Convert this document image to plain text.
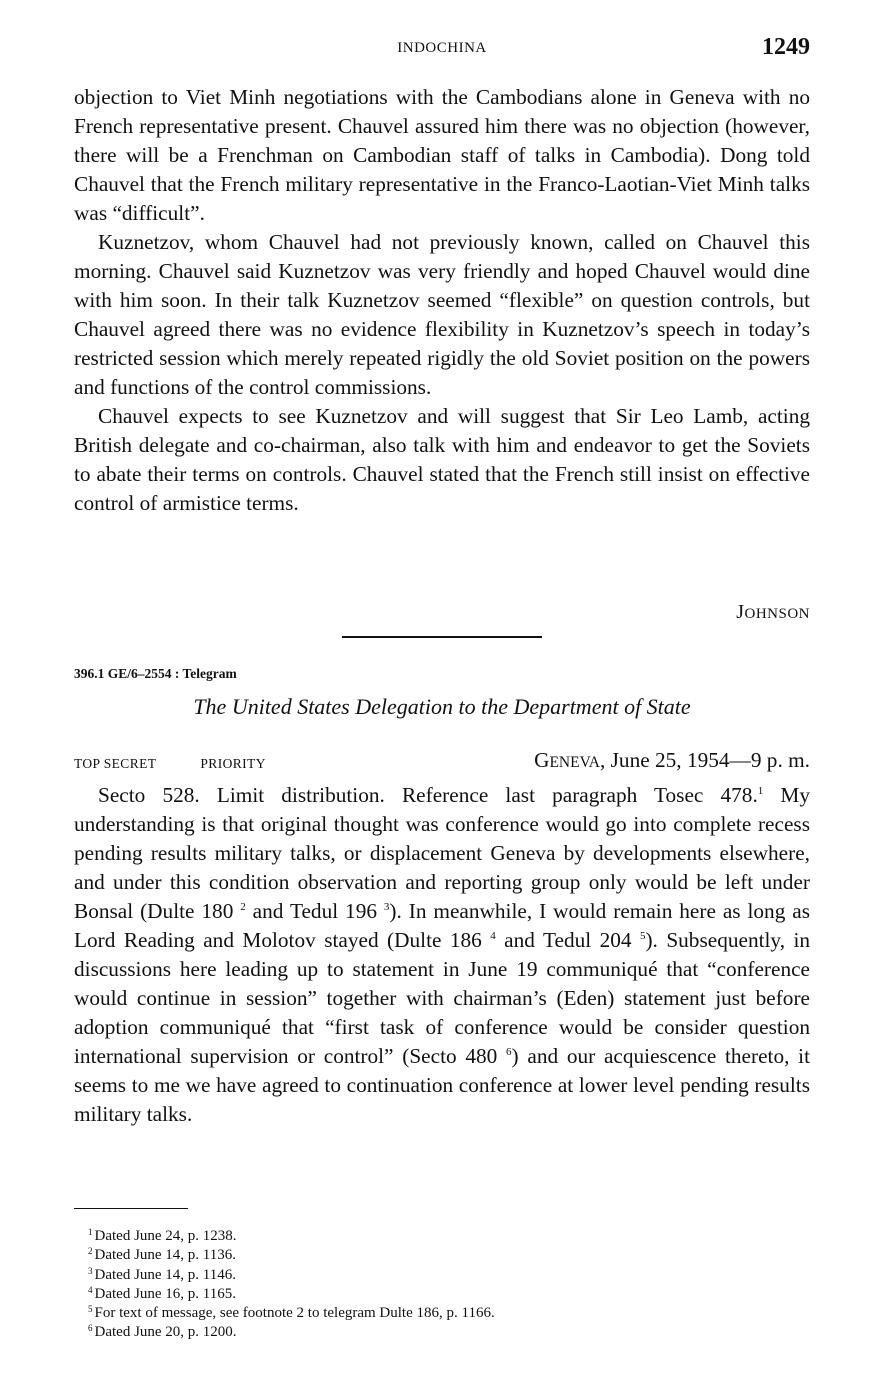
INDOCHINA	1249

objection to Viet Minh negotiations with the Cambodians alone in Geneva with no French representative present. Chauvel assured him there was no objection (however, there will be a Frenchman on Cambodian staff of talks in Cambodia). Dong told Chauvel that the French military representative in the Franco-Laotian-Viet Minh talks was “difficult”.

Kuznetzov, whom Chauvel had not previously known, called on Chauvel this morning. Chauvel said Kuznetzov was very friendly and hoped Chauvel would dine with him soon. In their talk Kuznetzov seemed “flexible” on question controls, but Chauvel agreed there was no evidence flexibility in Kuznetzov’s speech in today’s restricted session which merely repeated rigidly the old Soviet position on the powers and functions of the control commissions.

Chauvel expects to see Kuznetzov and will suggest that Sir Leo Lamb, acting British delegate and co-chairman, also talk with him and endeavor to get the Soviets to abate their terms on controls. Chauvel stated that the French still insist on effective control of armistice terms.

JOHNSON
396.1 GE/6–2554 : Telegram
The United States Delegation to the Department of State
TOP SECRET	PRIORITY	GENEVA, June 25, 1954—9 p. m.

Secto 528. Limit distribution. Reference last paragraph Tosec 478.$^1$ My understanding is that original thought was conference would go into complete recess pending results military talks, or displacement Geneva by developments elsewhere, and under this condition observation and reporting group only would be left under Bonsal (Dulte 180 $^2$ and Tedul 196 $^3$). In meanwhile, I would remain here as long as Lord Reading and Molotov stayed (Dulte 186 $^4$ and Tedul 204 $^5$). Subsequently, in discussions here leading up to statement in June 19 communiqué that “conference would continue in session” together with chairman’s (Eden) statement just before adoption communiqué that “first task of conference would be consider question international supervision or control” (Secto 480 $^6$) and our acquiescence thereto, it seems to me we have agreed to continuation conference at lower level pending results military talks.

$^1$ Dated June 24, p. 1238.
$^2$ Dated June 14, p. 1136.
$^3$ Dated June 14, p. 1146.
$^4$ Dated June 16, p. 1165.
$^5$ For text of message, see footnote 2 to telegram Dulte 186, p. 1166.
$^6$ Dated June 20, p. 1200.
